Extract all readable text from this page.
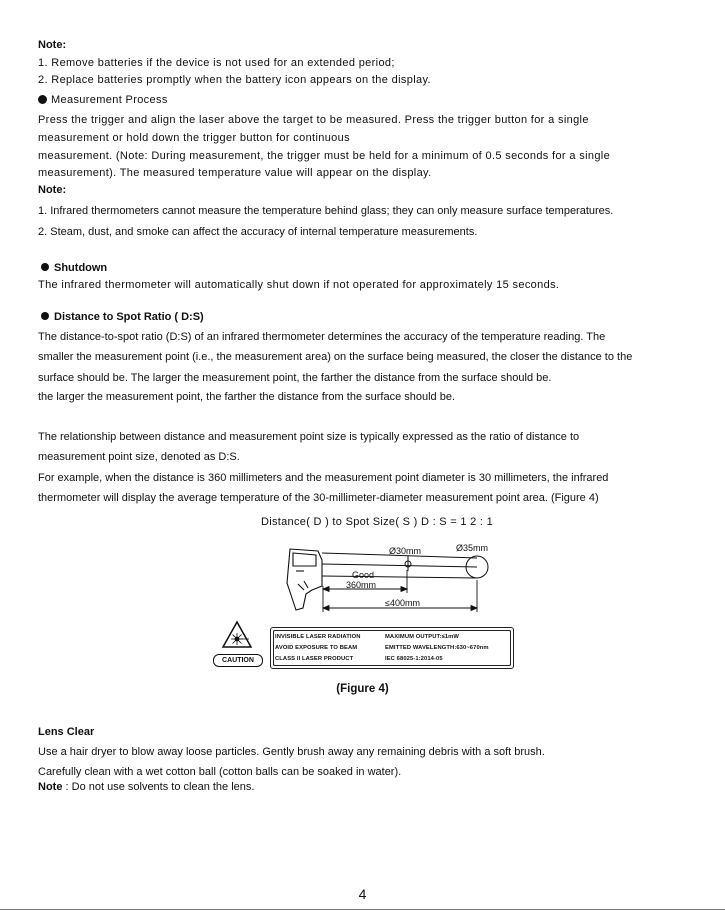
Note:
1. Remove batteries if the device is not used for an extended period;
2. Replace batteries promptly when the battery icon appears on the display.
Measurement Process
Press the trigger and align the laser above the target to be measured. Press the trigger button for a single
measurement or hold down the trigger button for continuous
measurement. (Note: During measurement, the trigger must be held for a minimum of 0.5 seconds for a single
measurement). The measured temperature value will appear on the display.
Note:
1. Infrared thermometers cannot measure the temperature behind glass; they can only measure surface temperatures.
2. Steam, dust, and smoke can affect the accuracy of internal temperature measurements.
Shutdown
The infrared thermometer will automatically shut down if not operated for approximately 15 seconds.
Distance to Spot Ratio ( D:S)
The distance-to-spot ratio (D:S) of an infrared thermometer determines the accuracy of the temperature reading. The
smaller the measurement point (i.e., the measurement area) on the surface being measured, the closer the distance to the
surface should be. The larger the measurement point, the farther the distance from the surface should be.
the larger the measurement point, the farther the distance from the surface should be.
The relationship between distance and measurement point size is typically expressed as the ratio of distance to
measurement point size, denoted as D:S.
For example, when the distance is 360 millimeters and the measurement point diameter is 30 millimeters, the infrared
thermometer will display the average temperature of the 30-millimeter-diameter measurement point area. (Figure 4)
Distance( D ) to Spot Size( S ) D : S = 1 2 : 1
Ø30mm	Ø35mm
Good
360mm
≤400mm
CAUTION
INVISIBLE LASER RADIATION
AVOID EXPOSURE TO BEAM
CLASS II LASER PRODUCT
MAXIMUM OUTPUT:≤1mW
EMITTED WAVELENGTH:630~670nm
IEC 68025-1:2014-05
(Figure 4)
Lens Clear
Use a hair dryer to blow away loose particles. Gently brush away any remaining debris with a soft brush.
Carefully clean with a wet cotton ball (cotton balls can be soaked in water).
Note : Do not use solvents to clean the lens.
4
